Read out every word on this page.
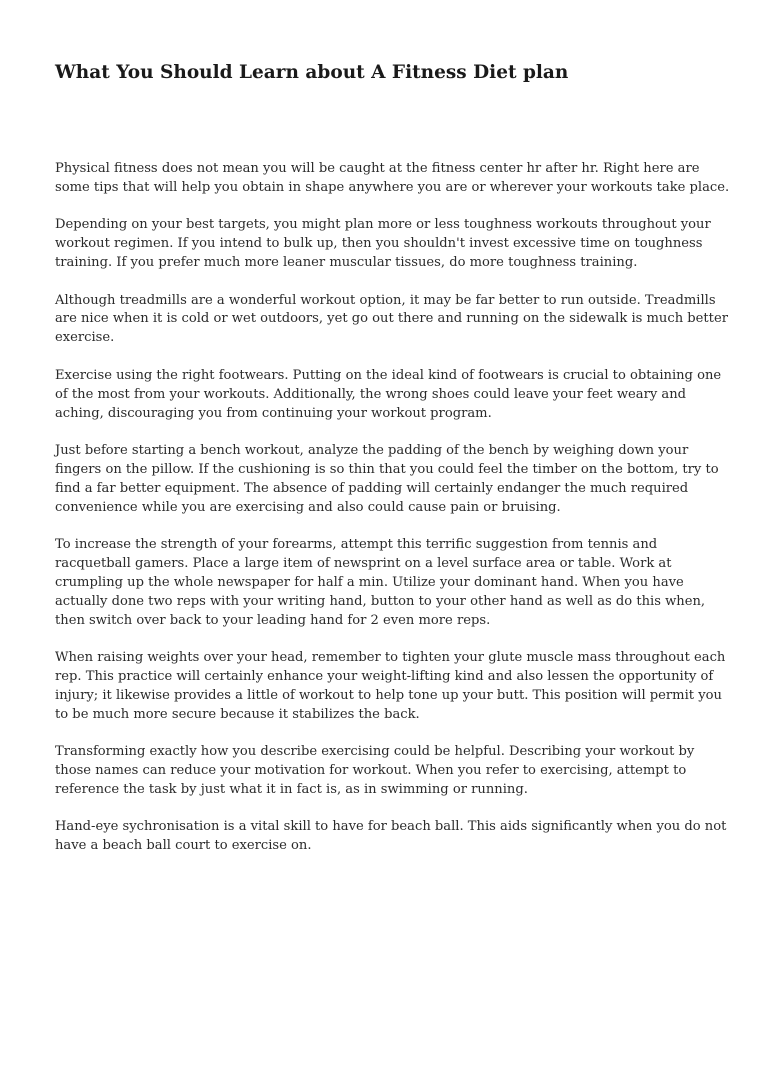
What You Should Learn about A Fitness Diet plan

Physical fitness does not mean you will be caught at the fitness center hr after hr. Right here are
some tips that will help you obtain in shape anywhere you are or wherever your workouts take place.

Depending on your best targets, you might plan more or less toughness workouts throughout your
workout regimen. If you intend to bulk up, then you shouldn't invest excessive time on toughness
training. If you prefer much more leaner muscular tissues, do more toughness training.

Although treadmills are a wonderful workout option, it may be far better to run outside. Treadmills
are nice when it is cold or wet outdoors, yet go out there and running on the sidewalk is much better
exercise.

Exercise using the right footwears. Putting on the ideal kind of footwears is crucial to obtaining one
of the most from your workouts. Additionally, the wrong shoes could leave your feet weary and
aching, discouraging you from continuing your workout program.

Just before starting a bench workout, analyze the padding of the bench by weighing down your
fingers on the pillow. If the cushioning is so thin that you could feel the timber on the bottom, try to
find a far better equipment. The absence of padding will certainly endanger the much required
convenience while you are exercising and also could cause pain or bruising.

To increase the strength of your forearms, attempt this terrific suggestion from tennis and
racquetball gamers. Place a large item of newsprint on a level surface area or table. Work at
crumpling up the whole newspaper for half a min. Utilize your dominant hand. When you have
actually done two reps with your writing hand, button to your other hand as well as do this when,
then switch over back to your leading hand for 2 even more reps.

When raising weights over your head, remember to tighten your glute muscle mass throughout each
rep. This practice will certainly enhance your weight-lifting kind and also lessen the opportunity of
injury; it likewise provides a little of workout to help tone up your butt. This position will permit you
to be much more secure because it stabilizes the back.

Transforming exactly how you describe exercising could be helpful. Describing your workout by
those names can reduce your motivation for workout. When you refer to exercising, attempt to
reference the task by just what it in fact is, as in swimming or running.

Hand-eye sychronisation is a vital skill to have for beach ball. This aids significantly when you do not
have a beach ball court to exercise on.
